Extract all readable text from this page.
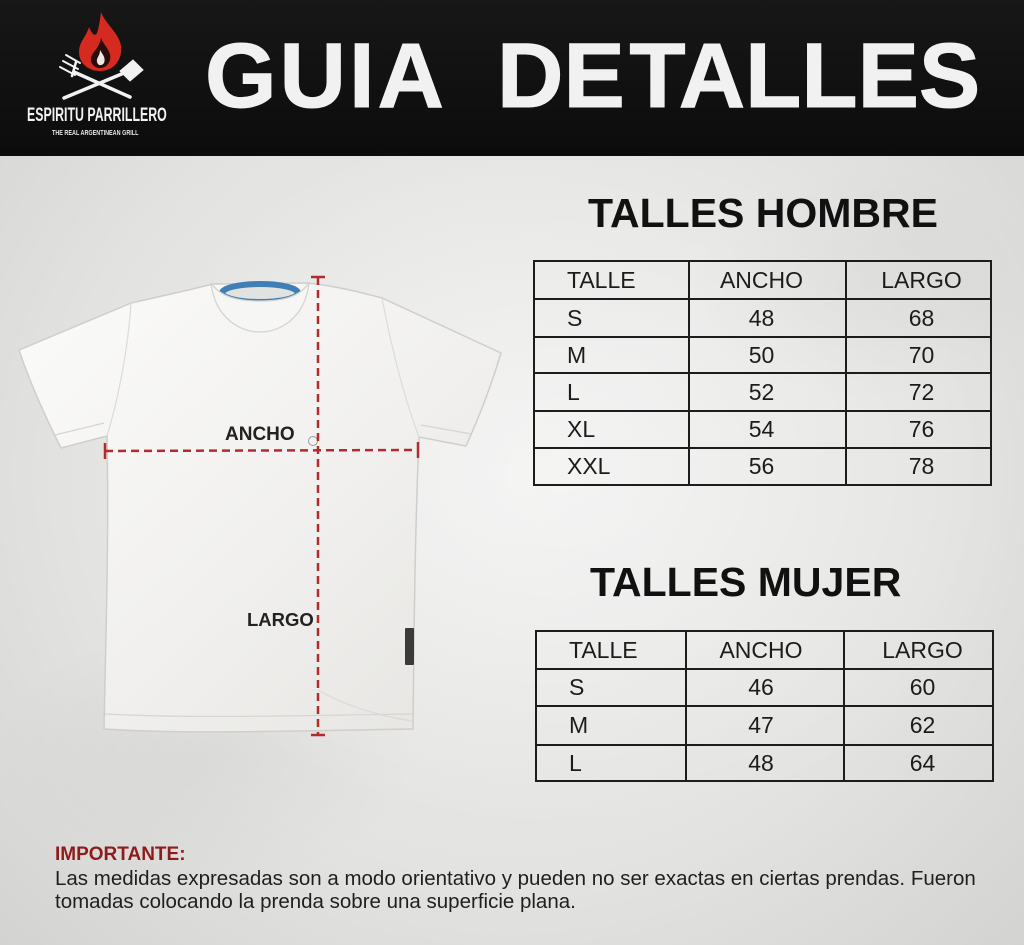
ESPIRITU PARRILLERO
THE REAL ARGENTINEAN GRILL
GUIA DE TALLES
ANCHO
LARGO
TALLES HOMBRE
TALLE	ANCHO	LARGO
S	48	68
M	50	70
L	52	72
XL	54	76
XXL	56	78
TALLES MUJER
TALLE	ANCHO	LARGO
S	46	60
M	47	62
L	48	64
IMPORTANTE:
Las medidas expresadas son a modo orientativo y pueden no ser exactas en ciertas prendas. Fueron tomadas colocando la prenda sobre una superficie plana.
